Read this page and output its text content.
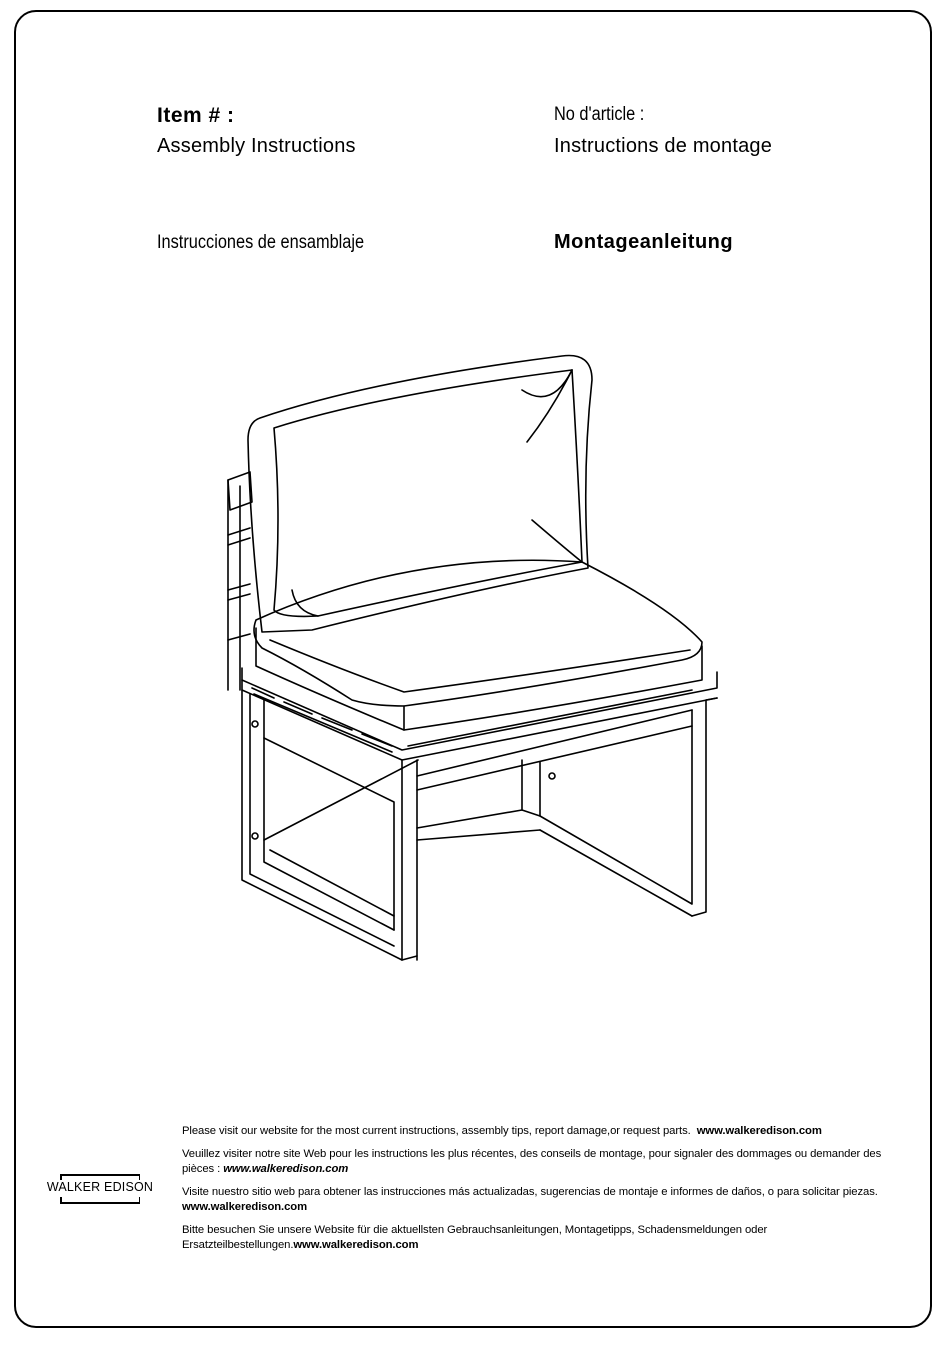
Item # :
Assembly Instructions
No d'article :
Instructions de montage
Instrucciones de ensamblaje	Montageanleitung

Please visit our website for the most current instructions, assembly tips, report damage,or request parts. www.walkeredison.com

Veuillez visiter notre site Web pour les instructions les plus récentes, des conseils de montage, pour signaler des dommages ou demander des pièces : www.walkeredison.com

Visite nuestro sitio web para obtener las instrucciones más actualizadas, sugerencias de montaje e informes de daños, o para solicitar piezas. www.walkeredison.com

Bitte besuchen Sie unsere Website für die aktuellsten Gebrauchsanleitungen, Montagetipps, Schadensmeldungen oder Ersatzteilbestellungen.www.walkeredison.com

WALKER EDISON
